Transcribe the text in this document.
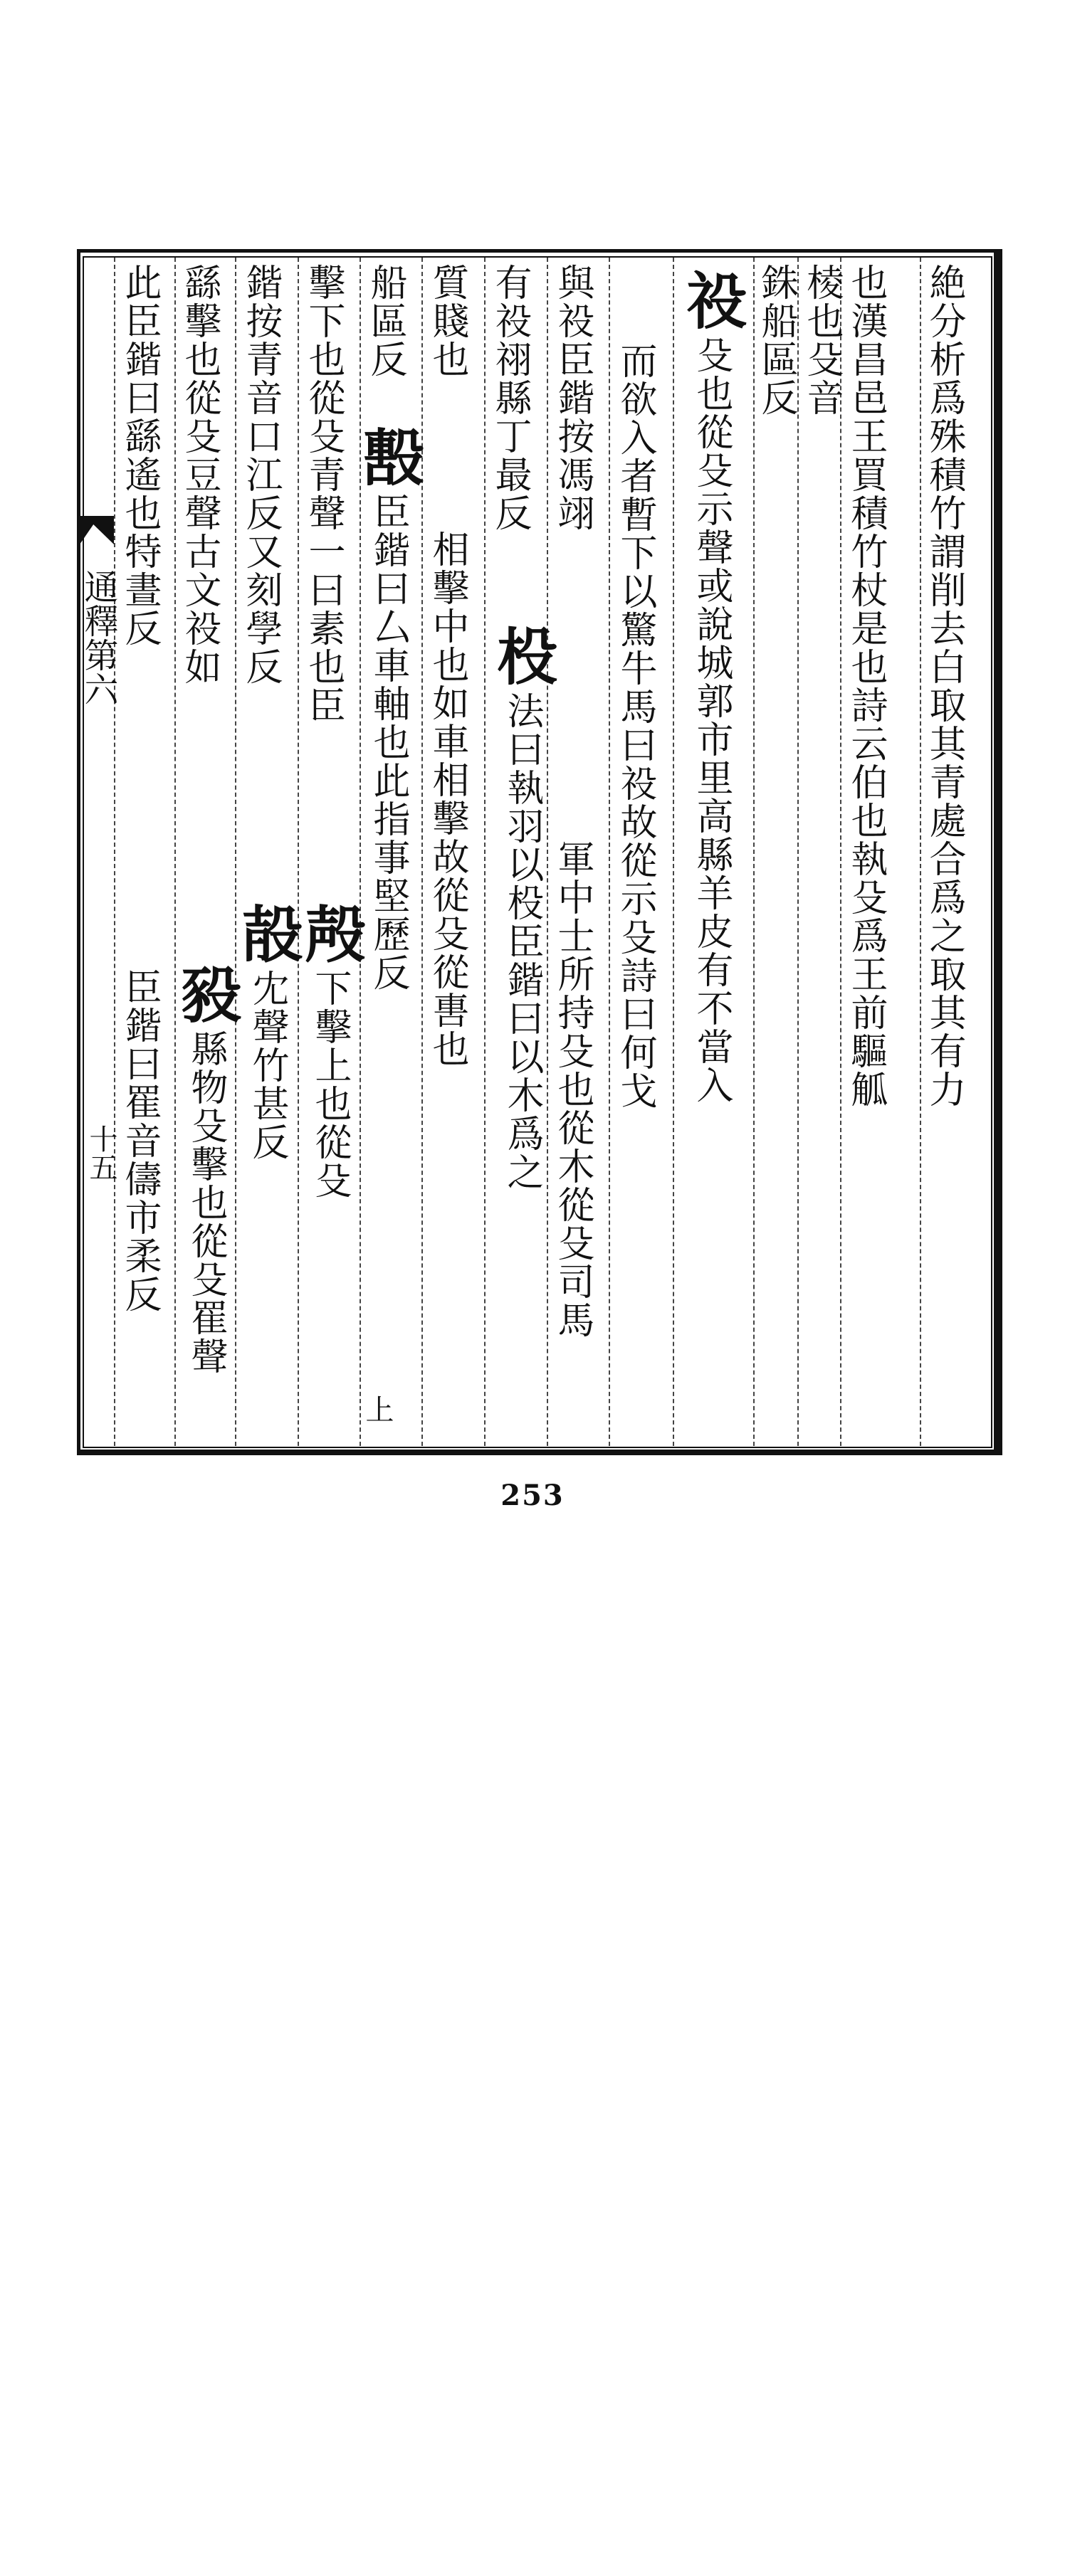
絶分析爲殊積竹謂削去白取其青處合爲之取其有力
也漢昌邑王買積竹杖是也詩云伯也執殳爲王前驅觚
棱也殳音
銖船區反
祋殳也從殳示聲或說城郭市里高縣羊皮有不當入
而欲入者暫下以驚牛馬曰祋故從示殳詩曰何戈
與祋臣鍇按馮翊
軍中士所持殳也從木從殳司馬
有祋祤縣丁最反
杸法曰執羽以杸臣鍇曰以木爲之
質賤也
相擊中也如車相擊故從殳從軎也
船區反
毄臣鍇曰厶車軸也此指事堅歷反
上
擊下也從殳青聲一曰素也臣
殸下擊上也從殳
鍇按青音口江反又刻學反
㱿冘聲竹甚反
繇擊也從殳豆聲古文祋如
豛縣物殳擊也從殳䍜聲
此臣鍇曰繇遙也特晝反
臣鍇曰䍜音儔市柔反
通釋第六
十五
253
